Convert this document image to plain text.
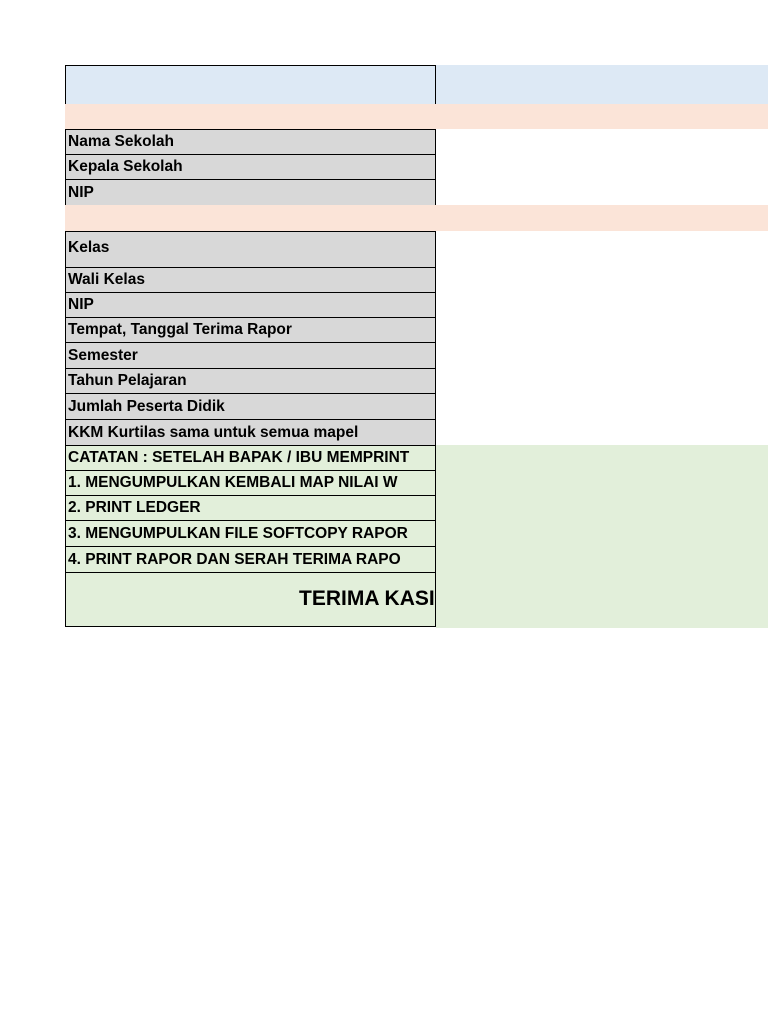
Nama Sekolah
Kepala Sekolah
NIP
Kelas
Wali Kelas
NIP
Tempat, Tanggal Terima Rapor
Semester
Tahun Pelajaran
Jumlah Peserta Didik
KKM Kurtilas sama untuk semua mapel
CATATAN : SETELAH BAPAK / IBU MEMPRINT
1. MENGUMPULKAN KEMBALI MAP NILAI W
2. PRINT LEDGER
3. MENGUMPULKAN FILE SOFTCOPY RAPOR
4. PRINT RAPOR DAN SERAH TERIMA RAPO
TERIMA KASI
